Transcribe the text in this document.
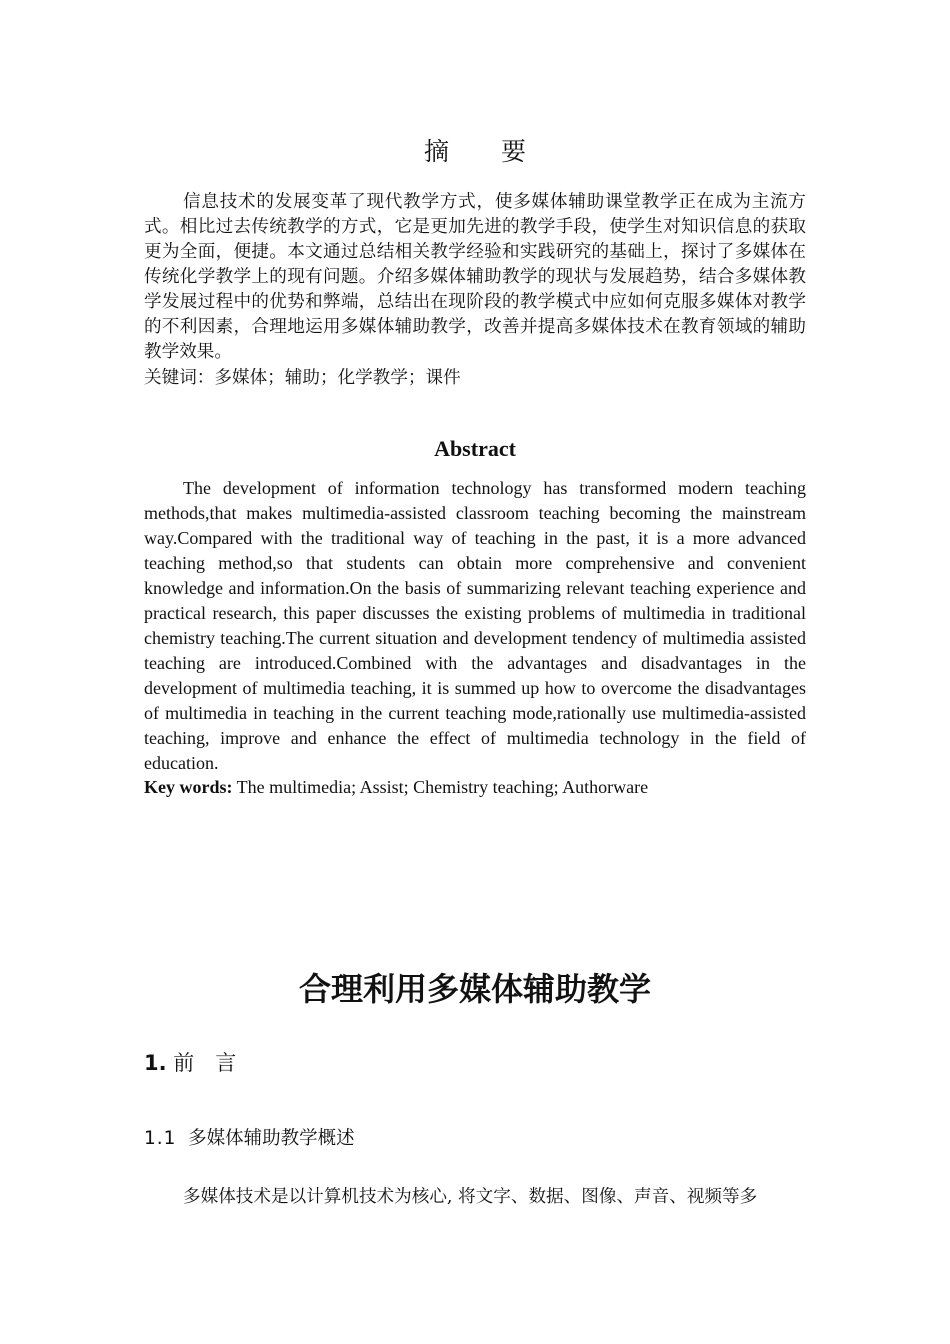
摘 要

信息技术的发展变革了现代教学方式，使多媒体辅助课堂教学正在成为主流方式。相比过去传统教学的方式，它是更加先进的教学手段，使学生对知识信息的获取更为全面，便捷。本文通过总结相关教学经验和实践研究的基础上，探讨了多媒体在传统化学教学上的现有问题。介绍多媒体辅助教学的现状与发展趋势，结合多媒体教学发展过程中的优势和弊端，总结出在现阶段的教学模式中应如何克服多媒体对教学的不利因素，合理地运用多媒体辅助教学，改善并提高多媒体技术在教育领域的辅助教学效果。

关键词：多媒体；辅助；化学教学；课件

Abstract

The development of information technology has transformed modern teaching methods,that makes multimedia-assisted classroom teaching becoming the mainstream way.Compared with the traditional way of teaching in the past, it is a more advanced teaching method,so that students can obtain more comprehensive and convenient knowledge and information.On the basis of summarizing relevant teaching experience and practical research, this paper discusses the existing problems of multimedia in traditional chemistry teaching.The current situation and development tendency of multimedia assisted teaching are introduced.Combined with the advantages and disadvantages in the development of multimedia teaching, it is summed up how to overcome the disadvantages of multimedia in teaching in the current teaching mode,rationally use multimedia-assisted teaching, improve and enhance the effect of multimedia technology in the field of education.

Key words: The multimedia; Assist; Chemistry teaching; Authorware

合理利用多媒体辅助教学
1. 前　言
1.1  多媒体辅助教学概述

多媒体技术是以计算机技术为核心, 将文字、数据、图像、声音、视频等多
